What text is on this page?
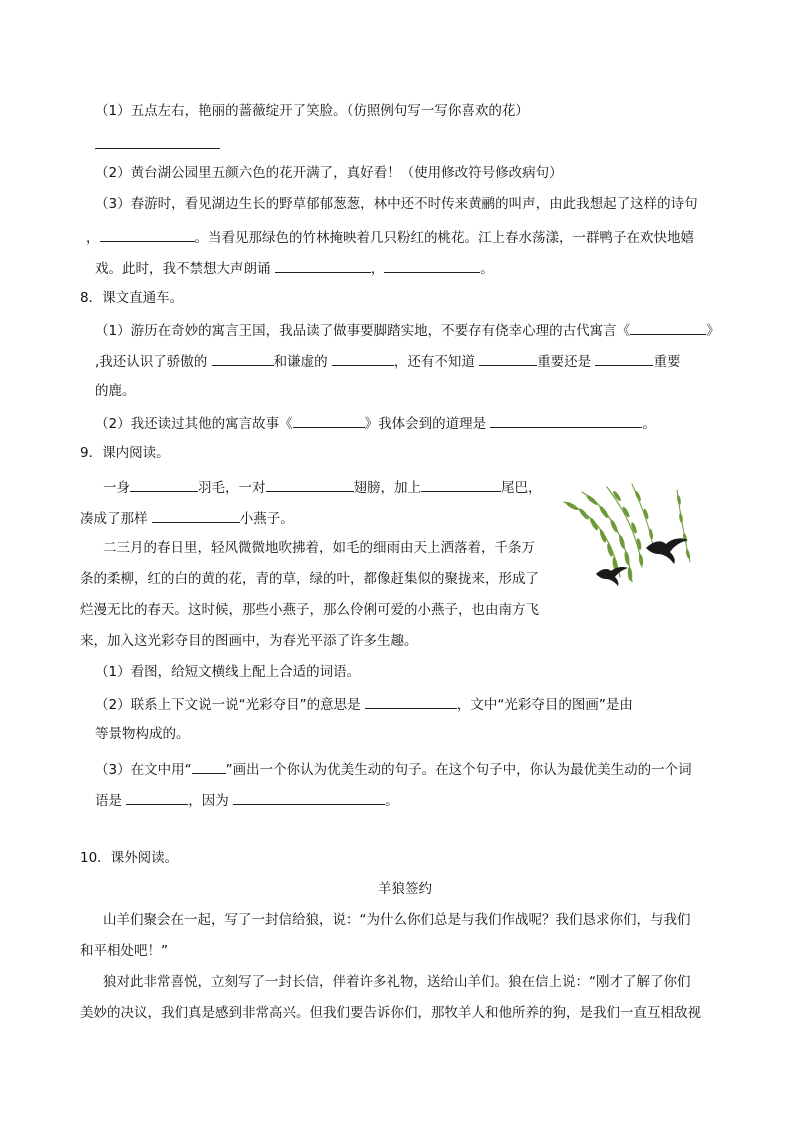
（1）五点左右，艳丽的蔷薇绽开了笑脸。（仿照例句写一写你喜欢的花）
（2）黄台湖公园里五颜六色的花开满了，真好看！（使用修改符号修改病句）
（3）春游时，看见湖边生长的野草郁郁葱葱，林中还不时传来黄鹂的叫声，由此我想起了这样的诗句
，	。当看见那绿色的竹林掩映着几只粉红的桃花。江上春水荡漾，一群鸭子在欢快地嬉
戏。此时，我不禁想大声朗诵	，	。
8．课文直通车。
（1）游历在奇妙的寓言王国，我品读了做事要脚踏实地，不要存有侥幸心理的古代寓言《	》
,我还认识了骄傲的	和谦虚的	，还有不知道	重要还是	重要
的鹿。
（2）我还读过其他的寓言故事《	》我体会到的道理是	。
9．课内阅读。
一身	羽毛，一对	翅膀，加上	尾巴，
凑成了那样	小燕子。
二三月的春日里，轻风微微地吹拂着，如毛的细雨由天上洒落着，千条万
条的柔柳，红的白的黄的花，青的草，绿的叶，都像赶集似的聚拢来，形成了
烂漫无比的春天。这时候，那些小燕子，那么伶俐可爱的小燕子，也由南方飞
来，加入这光彩夺目的图画中，为春光平添了许多生趣。
（1）看图，给短文横线上配上合适的词语。
（2）联系上下文说一说“光彩夺目”的意思是	，文中“光彩夺目的图画”是由
等景物构成的。
（3）在文中用“	”画出一个你认为优美生动的句子。在这个句子中，你认为最优美生动的一个词
语是	，因为	。
10．课外阅读。
羊狼签约
山羊们聚会在一起，写了一封信给狼，说：“为什么你们总是与我们作战呢？我们恳求你们，与我们
和平相处吧！”
狼对此非常喜悦，立刻写了一封长信，伴着许多礼物，送给山羊们。狼在信上说：“刚才了解了你们
美妙的决议，我们真是感到非常高兴。但我们要告诉你们，那牧羊人和他所养的狗，是我们一直互相敌视
